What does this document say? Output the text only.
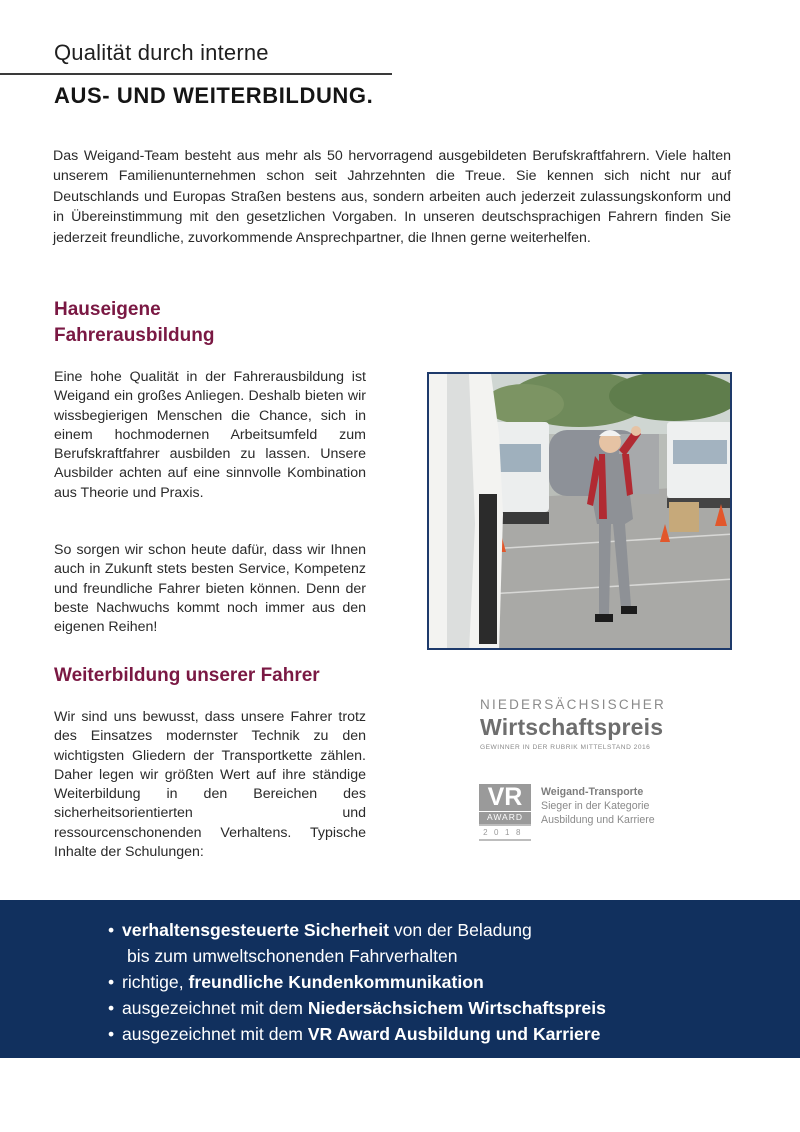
Qualität durch interne
AUS- UND WEITERBILDUNG.

Das Weigand-Team besteht aus mehr als 50 hervorragend ausgebildeten Berufskraftfahrern. Viele halten unserem Familienunternehmen schon seit Jahrzehnten die Treue. Sie kennen sich nicht nur auf Deutschlands und Europas Straßen bestens aus, sondern arbeiten auch jederzeit zulassungskonform und in Übereinstimmung mit den gesetzlichen Vorgaben. In unseren deutschsprachigen Fahrern finden Sie jederzeit freundliche, zuvorkommende Ansprechpartner, die Ihnen gerne weiterhelfen.

Hauseigene Fahrerausbildung

Eine hohe Qualität in der Fahrerausbildung ist Weigand ein großes Anliegen. Deshalb bieten wir wissbegierigen Menschen die Chance, sich in einem hochmodernen Arbeitsumfeld zum Berufskraftfahrer ausbilden zu lassen. Unsere Ausbilder achten auf eine sinnvolle Kombination aus Theorie und Praxis.

So sorgen wir schon heute dafür, dass wir Ihnen auch in Zukunft stets besten Service, Kompetenz und freundliche Fahrer bieten können. Denn der beste Nachwuchs kommt noch immer aus den eigenen Reihen!

Weiterbildung unserer Fahrer

Wir sind uns bewusst, dass unsere Fahrer trotz des Einsatzes modernster Technik zu den wichtigsten Gliedern der Transportkette zählen. Daher legen wir größten Wert auf ihre ständige Weiterbildung in den Bereichen des sicherheitsorientierten und ressourcenschonenden Verhaltens. Typische Inhalte der Schulungen:

NIEDERSÄCHSISCHER
Wirtschaftspreis
GEWINNER IN DER RUBRIK MITTELSTAND 2016
VR
AWARD
2018
Weigand-Transporte
Sieger in der Kategorie
Ausbildung und Karriere
• verhaltensgesteuerte Sicherheit von der Beladung
bis zum umweltschonenden Fahrverhalten
• richtige, freundliche Kundenkommunikation
• ausgezeichnet mit dem Niedersächsichem Wirtschaftspreis
• ausgezeichnet mit dem VR Award Ausbildung und Karriere
